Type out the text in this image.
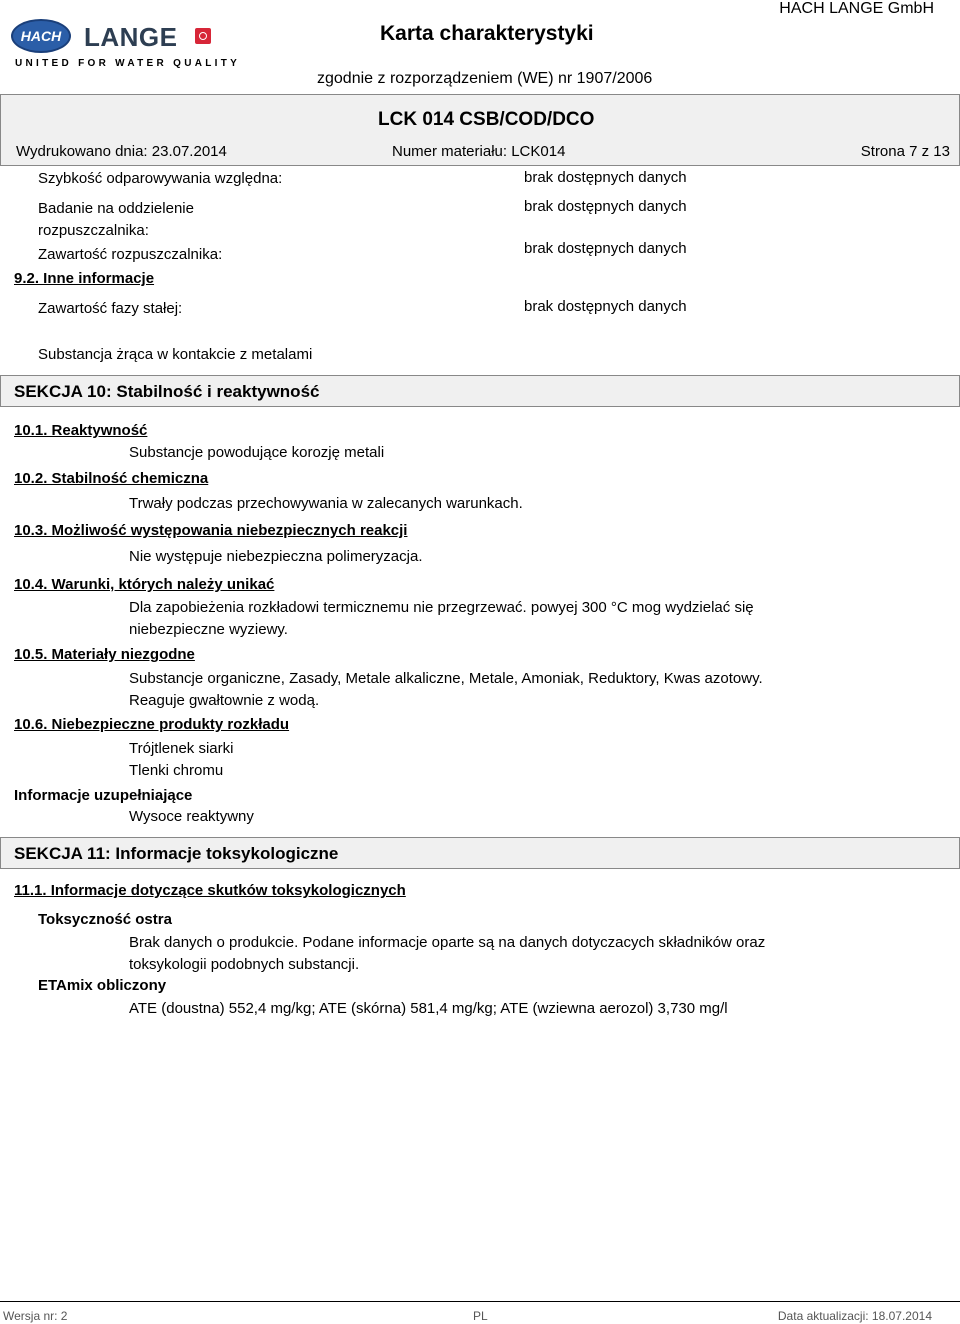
HACH LANGE
UNITED FOR WATER QUALITY
Karta charakterystyki
HACH LANGE GmbH
zgodnie z rozporządzeniem (WE) nr 1907/2006
LCK 014 CSB/COD/DCO
Wydrukowano dnia: 23.07.2014	Numer materiału: LCK014	Strona 7 z 13
Szybkość odparowywania względna:	brak dostępnych danych
Badanie na oddzielenie
rozpuszczalnika:
brak dostępnych danych
Zawartość rozpuszczalnika:	brak dostępnych danych
9.2. Inne informacje
Zawartość fazy stałej:	brak dostępnych danych
Substancja żrąca w kontakcie z metalami
SEKCJA 10: Stabilność i reaktywność
10.1. Reaktywność
Substancje powodujące korozję metali
10.2. Stabilność chemiczna
Trwały podczas przechowywania w zalecanych warunkach.
10.3. Możliwość występowania niebezpiecznych reakcji
Nie występuje niebezpieczna polimeryzacja.
10.4. Warunki, których należy unikać
Dla zapobieżenia rozkładowi termicznemu nie przegrzewać. powyej 300 °C mog wydzielać się
niebezpieczne wyziewy.
10.5. Materiały niezgodne
Substancje organiczne, Zasady, Metale alkaliczne, Metale, Amoniak, Reduktory, Kwas azotowy.
Reaguje gwałtownie z wodą.
10.6. Niebezpieczne produkty rozkładu
Trójtlenek siarki
Tlenki chromu
Informacje uzupełniające
Wysoce reaktywny
SEKCJA 11: Informacje toksykologiczne
11.1. Informacje dotyczące skutków toksykologicznych
Toksyczność ostra
Brak danych o produkcie. Podane informacje oparte są na danych dotyczacych składników oraz
toksykologii podobnych substancji.
ETAmix obliczony
ATE (doustna) 552,4 mg/kg; ATE (skórna) 581,4 mg/kg; ATE (wziewna aerozol) 3,730 mg/l
Wersja nr: 2	PL	Data aktualizacji: 18.07.2014
